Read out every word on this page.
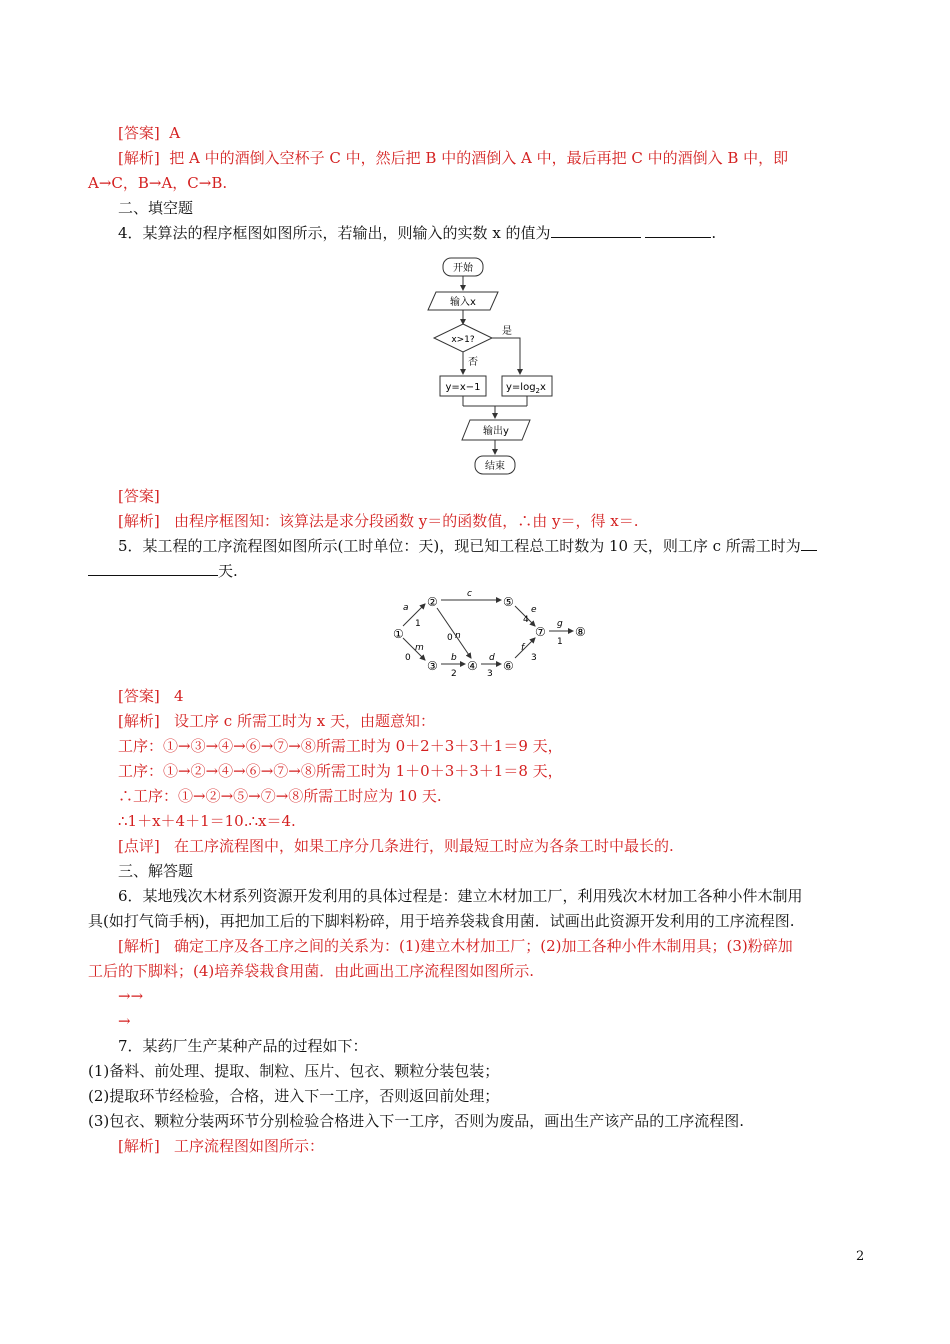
[答案] A
[解析] 把 A 中的酒倒入空杯子 C 中，然后把 B 中的酒倒入 A 中，最后再把 C 中的酒倒入 B 中，即
A→C，B→A，C→B.
二、填空题
4．某算法的程序框图如图所示，若输出，则输入的实数 x 的值为	.
开始
输入x
x>1?
是
否
y=x−1	$y=\log_2x$
输出y
结束
[答案]
[解析] 由程序框图知：该算法是求分段函数 y＝的函数值，∴由 y＝，得 x＝.
5．某工程的工序流程图如图所示(工时单位：天)，现已知工程总工时数为 10 天，则工序 c 所需工时为
天.
①
②
③ ④
⑤
⑥
⑦ ⑧
a
1
m
0
c
n
0
b
2
d
3
e
4
f
3
g
1
[答案] 4
[解析] 设工序 c 所需工时为 x 天，由题意知：
工序：①→③→④→⑥→⑦→⑧所需工时为 0＋2＋3＋3＋1＝9 天，
工序：①→②→④→⑥→⑦→⑧所需工时为 1＋0＋3＋3＋1＝8 天，
∴工序：①→②→⑤→⑦→⑧所需工时应为 10 天.
∴1＋x＋4＋1＝10.∴x＝4.
[点评] 在工序流程图中，如果工序分几条进行，则最短工时应为各条工时中最长的.
三、解答题
6．某地残次木材系列资源开发利用的具体过程是：建立木材加工厂，利用残次木材加工各种小件木制用
具(如打气筒手柄)，再把加工后的下脚料粉碎，用于培养袋栽食用菌．试画出此资源开发利用的工序流程图.
[解析] 确定工序及各工序之间的关系为：(1)建立木材加工厂；(2)加工各种小件木制用具；(3)粉碎加
工后的下脚料；(4)培养袋栽食用菌．由此画出工序流程图如图所示.
→→
→
7．某药厂生产某种产品的过程如下：
(1)备料、前处理、提取、制粒、压片、包衣、颗粒分装包装；
(2)提取环节经检验，合格，进入下一工序，否则返回前处理；
(3)包衣、颗粒分装两环节分别检验合格进入下一工序，否则为废品，画出生产该产品的工序流程图.
[解析] 工序流程图如图所示：
2
